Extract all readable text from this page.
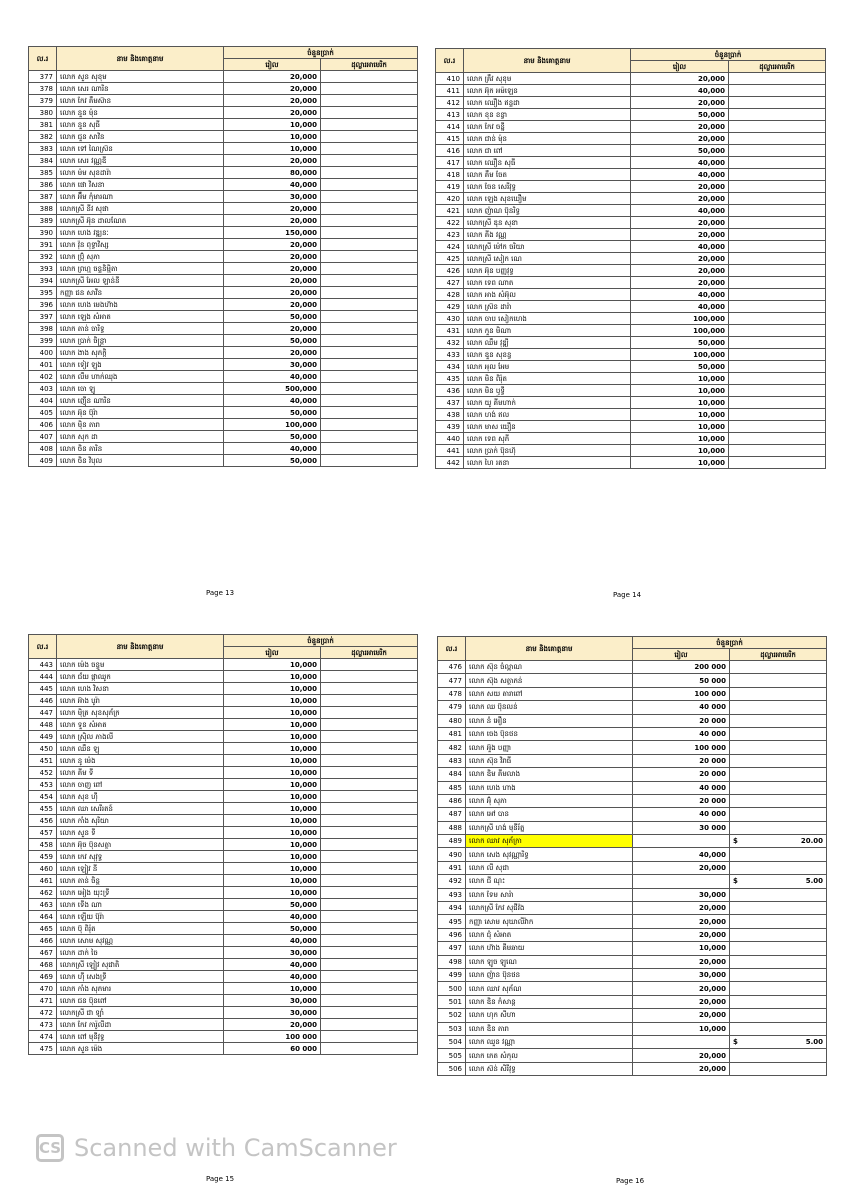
ល.រ	នាម និងគោត្តនាម	ចំនួនប្រាក់	
		រៀល	ដុល្លារអាមេរិក
377	លោក សួន សុខុម	20,000	
378	លោក សេរ ណារិន	20,000	
379	លោក កែវ គឹមស៊ាន	20,000	
380	លោក នួន ម៉ុន	20,000	
381	លោក នួន សុធី	10,000	
382	លោក ជួន សាវិន	10,000	
383	លោក ទៅ ណៃស្រ៊ន	10,000	
384	លោក សេរ វណ្ណឌី	20,000	
385	លោក ម៉ម សុខដារ៉ា	80,000	
386	លោក ផោ វិសនា	40,000	
387	លោក អ៊ឹម កុំមារណា	30,000	
388	លោកស្រី នីវ សុផា	20,000	
389	លោកស្រី អ៊ុន ដាលណែត	20,000	
390	លោក ហេង វឌ្ឍនៈ	150,000	
391	លោក វ៉ុន ពុទ្ធាវិស្ស	20,000	
392	លោក ប្រ៊ុំ សុភា	20,000	
393	លោក ព្រហ្ម ចន្ទនិម្មិតា	20,000	
394	លោកស្រី អែល ឡាន់នី	20,000	
395	កញ្ញា ជន សាវីន	20,000	
396	លោក ហេង មេង​ហ៊ាង	20,000	
397	លោក ឡេង សំអាត	50,000	
398	លោក តាន់ ចារិទ្ធ	20,000	
399	លោក ប្រាក់ ចិន្ត្រា	50,000	
400	លោក ងាង សុភក្តិ	20,000	
401	លោក ទៀវ ឡុង	30,000	
402	លោក លឹម ហាក់ឈុង	40,000	
403	លោក ចោ ឡូ	500,000	
404	លោក ញ៉ើន ណារិន	40,000	
405	លោក អ៊ុន ប៊ុរ៉ា	50,000	
406	លោក ម៉ិន តារា	100,000	
407	លោក សុក ដា	50,000	
408	លោក ចិន គារិន	40,000	
409	លោក ចិន វិបុល	50,000	
Page 13
ល.រ	នាម និងគោត្តនាម	ចំនួនប្រាក់	
		រៀល	ដុល្លារអាមេរិក
410	លោក គ្រឹវ សុខុម	20,000	
411	លោក អ៊ុក អម៉ឡេន	40,000	
412	លោក ឈឿង ឥន្ទដា	20,000	
413	លោក ខុន ខន្ធា	50,000	
414	លោក កែវ ចន្នី	20,000	
415	លោក ជាន់ ម៉ុន	20,000	
416	លោក ជា ពៅ	50,000	
417	លោក ឈឿន សុធី	40,000	
418	លោក គឹម ចែត	40,000	
419	លោក ចែន សេរីវុទ្ធ	20,000	
420	លោក ឡេង សុខឃឿម	20,000	
421	លោក ញ៉ាណ ប៊ុនរិទ្ធ	40,000	
422	លោកស្រី ឌុន សុខា	20,000	
423	លោក គីង វណ្ណ	20,000	
424	លោកស្រី ម៉ៅក ចរិយា	40,000	
425	លោកស្រី សៀក ណេ	20,000	
426	លោក អ៊ុន បញ្ញវុទ្ធ	20,000	
427	លោក ទេព ណាត	20,000	
428	លោក អាង សំអ៊ុល	40,000	
429	លោក ស្រ៊ន ដារ៉ា	40,000	
430	លោក ចាប សៀកហេង	100,000	
431	លោក កួន មិណា	100,000	
432	លោក ឈឹម វុឌ្ឍី	50,000	
433	លោក ឌួន សុខន្ធ	100,000	
434	លោក អុល អែម	50,000	
435	លោក មិន ពិរ៉ុត	10,000	
436	លោក មិន ឫទ្ធី	10,000	
437	លោក យូ គីមហាក់	10,000	
438	លោក ហង់ ឥល	10,000	
439	លោក មាស យឿន	10,000	
440	លោក ទេព សុភី	10,000	
441	លោក ប្រាក់ ប៊ុនហ៊ុ	10,000	
442	លោក ហៃ រតនា	10,000	
Page 14
ល.រ	នាម និងគោត្តនាម	ចំនួនប្រាក់	
		រៀល	ដុល្លារអាមេរិក
443	លោក ម៉េង ចន្ធូម	10,000	
444	លោក ជ័យ ផ្កាឈូក	10,000	
445	លោក ហេង វិសនា	10,000	
446	លោក អ៊ាង បូរ៉ា	10,000	
447	លោក ម៉ិត្រ សុខសុភ័ក្រ	10,000	
448	លោក ទួន សំអាត	10,000	
449	លោក ស្រ៊ិល ភាងលី	10,000	
450	លោក ឈឹន ឡុ	10,000	
451	លោក នូ ម៉េង	10,000	
452	លោក គីម ទី	10,000	
453	លោក ចាញ ពៅ	10,000	
454	លោក សុខ ហ៊ី	10,000	
455	លោក ឈា សេរីរតន៍	10,000	
456	លោក កាំង សុរិយា	10,000	
457	លោក សួន ទី	10,000	
458	លោក អ៊ុច ប៊ុនសត្ថា	10,000	
459	លោក កេវ សុវុទ្ធ	10,000	
460	លោក ឡៀវ នី	10,000	
461	លោក តាន់ ចិន្ត	10,000	
462	លោក អៀង យុះទ្រី	10,000	
463	លោក ទើង ណា	50,000	
464	លោក ឡើយ ប៊ុរ៉ា	40,000	
465	លោក ប៊ុ ពិរ៉ុត	50,000	
466	លោក សោម សុវណ្ណ	40,000	
467	លោក ដាក់ ចៃ	30,000	
468	លោកស្រី ឡៀវ សុជាតិ	40,000	
469	លោក ហ៊ី សេងទ្រី	40,000	
470	លោក កាំង សុភមារ	10,000	
471	លោក ជន ប៊ុនពៅ	30,000	
472	លោកស្រី ជា ឡាំ	30,000	
473	លោក កែវ ការ៉ូលីដា	20,000	
474	លោក ពៅ មុនីវុទ្ធ	100 000	
475	លោក សួន ម៉េង	60 000	
Page 15
ល.រ	នាម និងគោត្តនាម	ចំនួនប្រាក់	
		រៀល	ដុល្លារអាមេរិក
476	លោក ស៊ុន ចំល្អាណ	200 000	
477	លោក ស៊ុង សត្ថាភន់	50 000	
478	លោក សយ តារាពៅ	100 000	
479	លោក ឈ ប៊ុនលន់	40 000	
480	លោក នំ អឿន	20 000	
481	លោក ចេង ប៊ុនថន	40 000	
482	លោក អ៊ួង បញ្ញា	100 000	
483	លោក ស៊ុន វិរាធី	20 000	
484	លោក ឌិម គីមលាង	20 000	
485	លោក ហេង ហាង	40 000	
486	លោក អ៊ុំ សុភា	20 000	
487	លោក អៅ បាន	40 000	
488	លោកស្រី ហង់ មុនីរ័ត្ន	30 000	
489	លោក ឈាវ សុភ័ក្រា		$ 20.00

490	លោក សេង សុវណ្ណារិទ្ធ	40,000	
491	លោក លី សុជា	20,000	
492	លោក ជី ណុះ		$ 5.00

493	លោក ទែម សារ៉ា	30,000	
494	លោកស្រី កែវ សុជីវ៉ង	20,000	
495	កញ្ញា សោម សុឃាលីវ៉ាក	20,000	
496	លោក ជុំ សំអាត	20,000	
497	លោក ហ៊ាង គីមឆាយ	10,000	
498	លោក ឡូច ឡូណេ	20,000	
499	លោក ញ៉ាន ប៊ុនថន	30,000	
500	លោក ឈាវ សុភ័ណ	20,000	
501	លោក ឌិន កំសាន្ត	20,000	
502	លោក ហុក សីហា	20,000	
503	លោក ឌិន តារា	10,000	
504	លោក ឈួន វណ្ណា		$ 5.00

505	លោក ភេត សំកុល	20,000	
506	លោក ស៊ន់ សិរីវុទ្ធ	20,000	
Page 16
CS Scanned with CamScanner
